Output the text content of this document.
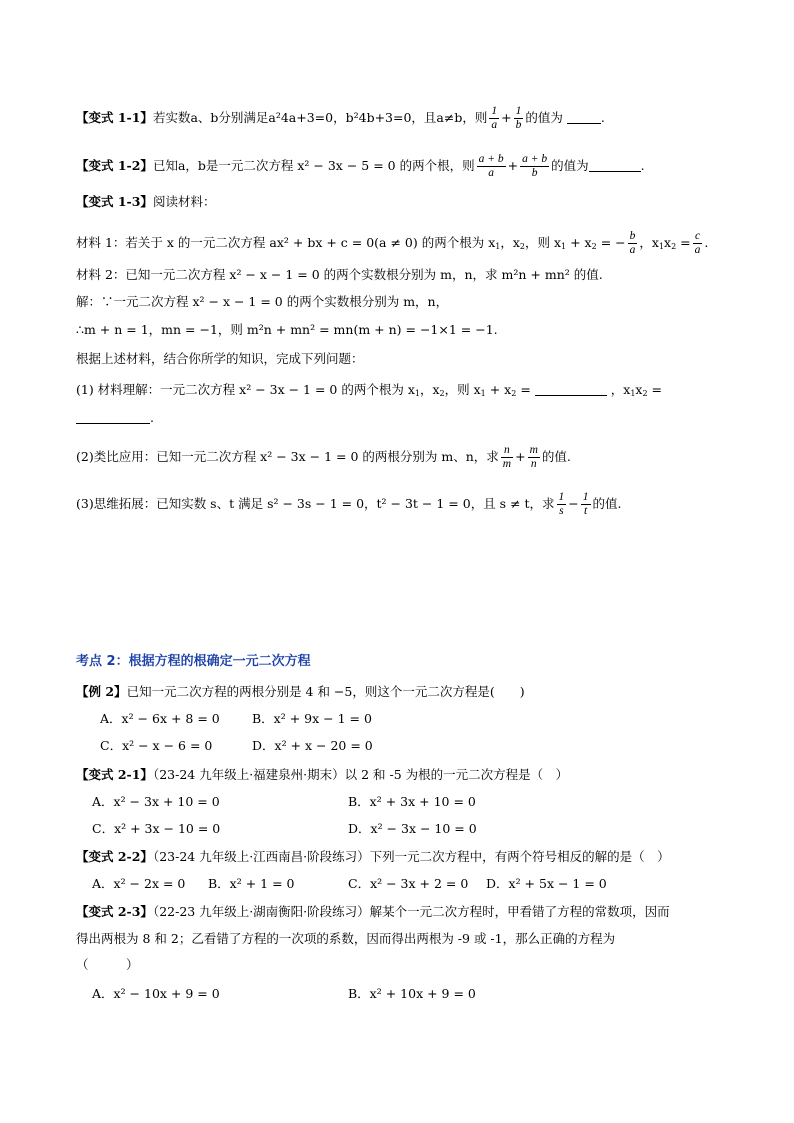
【变式 1-1】若实数a、b分别满足a²4a+3=0，b²4b+3=0，且a≠b，则 $\frac{1}{a} + \frac{1}{b}$ 的值为	.
【变式 1-2】已知a，b是一元二次方程 x² − 3x − 5 = 0 的两个根，则 $\frac{a + b}{a} + \frac{a + b}{b}$ 的值为	.
【变式 1-3】阅读材料：
材料 1：若关于 x 的一元二次方程 ax² + bx + c = 0(a ≠ 0) 的两个根为 $x_1$，$x_2$，则 $x_1 + x_2$ = − $\frac{b}{a}$ ，$x_1x_2 = \frac{c}{a}$ .
材料 2：已知一元二次方程 x² − x − 1 = 0 的两个实数根分别为 m，n，求 m²n + mn² 的值.
解：∵一元二次方程 x² − x − 1 = 0 的两个实数根分别为 m，n，
∴m + n = 1，mn = −1，则 m²n + mn² = mn(m + n) = −1×1 = −1.
根据上述材料，结合你所学的知识，完成下列问题：
(1) 材料理解：一元二次方程 x² − 3x − 1 = 0 的两个根为 $x_1$，$x_2$，则 $x_1 + x_2$ =	，$x_1x_2$ =
.
(2)类比应用：已知一元二次方程 x² − 3x − 1 = 0 的两根分别为 m、n，求 $\frac{n}{m} + \frac{m}{n}$ 的值.
(3)思维拓展：已知实数 s、t 满足 s² − 3s − 1 = 0，t² − 3t − 1 = 0，且 s ≠ t，求 $\frac{1}{s} - \frac{1}{t}$ 的值.
考点 2：根据方程的根确定一元二次方程
【例 2】已知一元二次方程的两根分别是 4 和 −5，则这个一元二次方程是(　　)
A．x² − 6x + 8 = 0	B．x² + 9x − 1 = 0
C．x² − x − 6 = 0	D．x² + x − 20 = 0
【变式 2-1】（23-24 九年级上·福建泉州·期末）以 2 和 -5 为根的一元二次方程是（　）
A．x² − 3x + 10 = 0	B．x² + 3x + 10 = 0
C．x² + 3x − 10 = 0	D．x² − 3x − 10 = 0
【变式 2-2】（23-24 九年级上·江西南昌·阶段练习）下列一元二次方程中，有两个符号相反的解的是（　）
A．x² − 2x = 0 B．x² + 1 = 0	C．x² − 3x + 2 = 0 D．x² + 5x − 1 = 0
【变式 2-3】（22-23 九年级上·湖南衡阳·阶段练习）解某个一元二次方程时，甲看错了方程的常数项，因而
得出两根为 8 和 2；乙看错了方程的一次项的系数，因而得出两根为 -9 或 -1，那么正确的方程为
（　　　）
A．x² − 10x + 9 = 0	B．x² + 10x + 9 = 0
